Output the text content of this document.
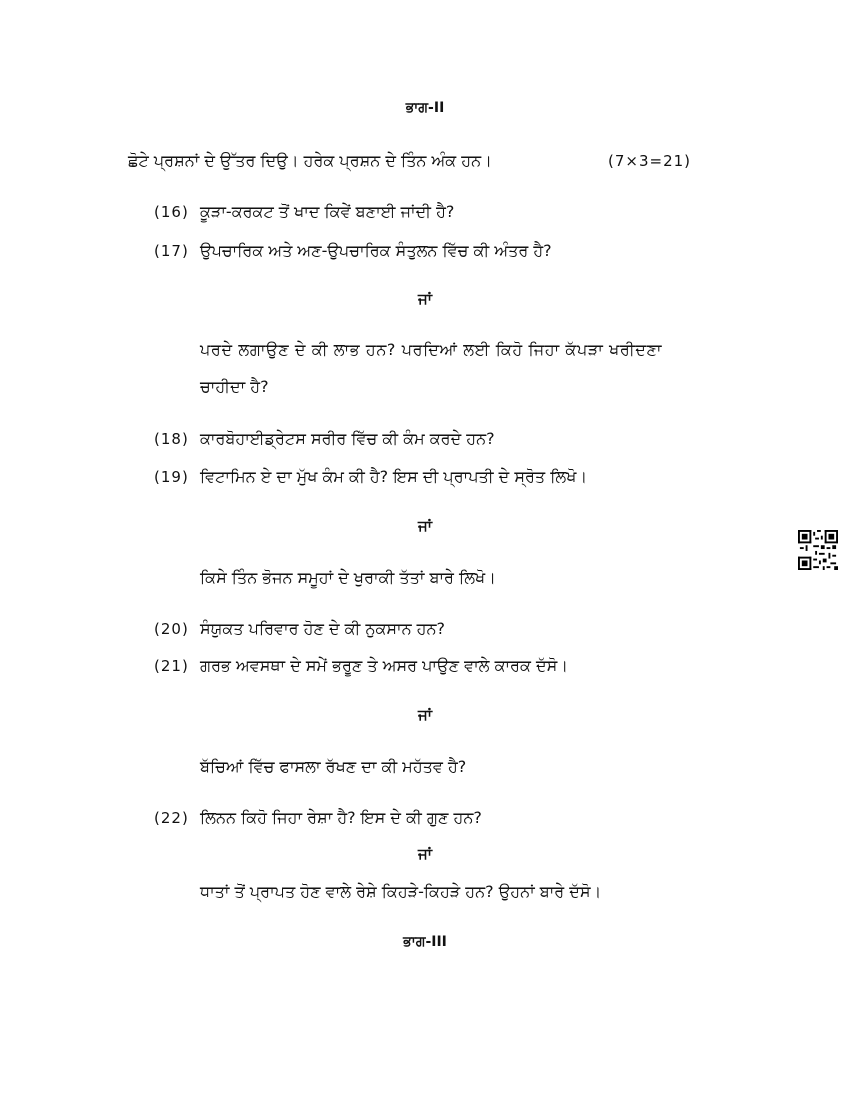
ਭਾਗ-II
ਛੋਟੇ ਪ੍ਰਸ਼ਨਾਂ ਦੇ ਉੱਤਰ ਦਿਉ। ਹਰੇਕ ਪ੍ਰਸ਼ਨ ਦੇ ਤਿੰਨ ਅੰਕ ਹਨ।	(7×3=21)
(16) ਕੂੜਾ-ਕਰਕਟ ਤੋਂ ਖਾਦ ਕਿਵੇਂ ਬਣਾਈ ਜਾਂਦੀ ਹੈ?
(17) ਉਪਚਾਰਿਕ ਅਤੇ ਅਣ-ਉਪਚਾਰਿਕ ਸੰਤੁਲਨ ਵਿੱਚ ਕੀ ਅੰਤਰ ਹੈ?
ਜਾਂ
ਪਰਦੇ ਲਗਾਉਣ ਦੇ ਕੀ ਲਾਭ ਹਨ? ਪਰਦਿਆਂ ਲਈ ਕਿਹੋ ਜਿਹਾ ਕੱਪੜਾ ਖਰੀਦਣਾ
ਚਾਹੀਦਾ ਹੈ?
(18) ਕਾਰਬੋਹਾਈਡ੍ਰੇਟਸ ਸਰੀਰ ਵਿੱਚ ਕੀ ਕੰਮ ਕਰਦੇ ਹਨ?
(19) ਵਿਟਾਮਿਨ ਏ ਦਾ ਮੁੱਖ ਕੰਮ ਕੀ ਹੈ? ਇਸ ਦੀ ਪ੍ਰਾਪਤੀ ਦੇ ਸ੍ਰੋਤ ਲਿਖੋ।
ਜਾਂ
ਕਿਸੇ ਤਿੰਨ ਭੋਜਨ ਸਮੂਹਾਂ ਦੇ ਖੁਰਾਕੀ ਤੱਤਾਂ ਬਾਰੇ ਲਿਖੋ।
(20) ਸੰਯੁਕਤ ਪਰਿਵਾਰ ਹੋਣ ਦੇ ਕੀ ਨੁਕਸਾਨ ਹਨ?
(21) ਗਰਭ ਅਵਸਥਾ ਦੇ ਸਮੇਂ ਭਰੂਣ ਤੇ ਅਸਰ ਪਾਉਣ ਵਾਲੇ ਕਾਰਕ ਦੱਸੋ।
ਜਾਂ
ਬੱਚਿਆਂ ਵਿੱਚ ਫਾਸਲਾ ਰੱਖਣ ਦਾ ਕੀ ਮਹੱਤਵ ਹੈ?
(22) ਲਿਨਨ ਕਿਹੋ ਜਿਹਾ ਰੇਸ਼ਾ ਹੈ? ਇਸ ਦੇ ਕੀ ਗੁਣ ਹਨ?
ਜਾਂ
ਧਾਤਾਂ ਤੋਂ ਪ੍ਰਾਪਤ ਹੋਣ ਵਾਲੇ ਰੇਸ਼ੇ ਕਿਹੜੇ-ਕਿਹੜੇ ਹਨ? ਉਹਨਾਂ ਬਾਰੇ ਦੱਸੋ।
ਭਾਗ-III
